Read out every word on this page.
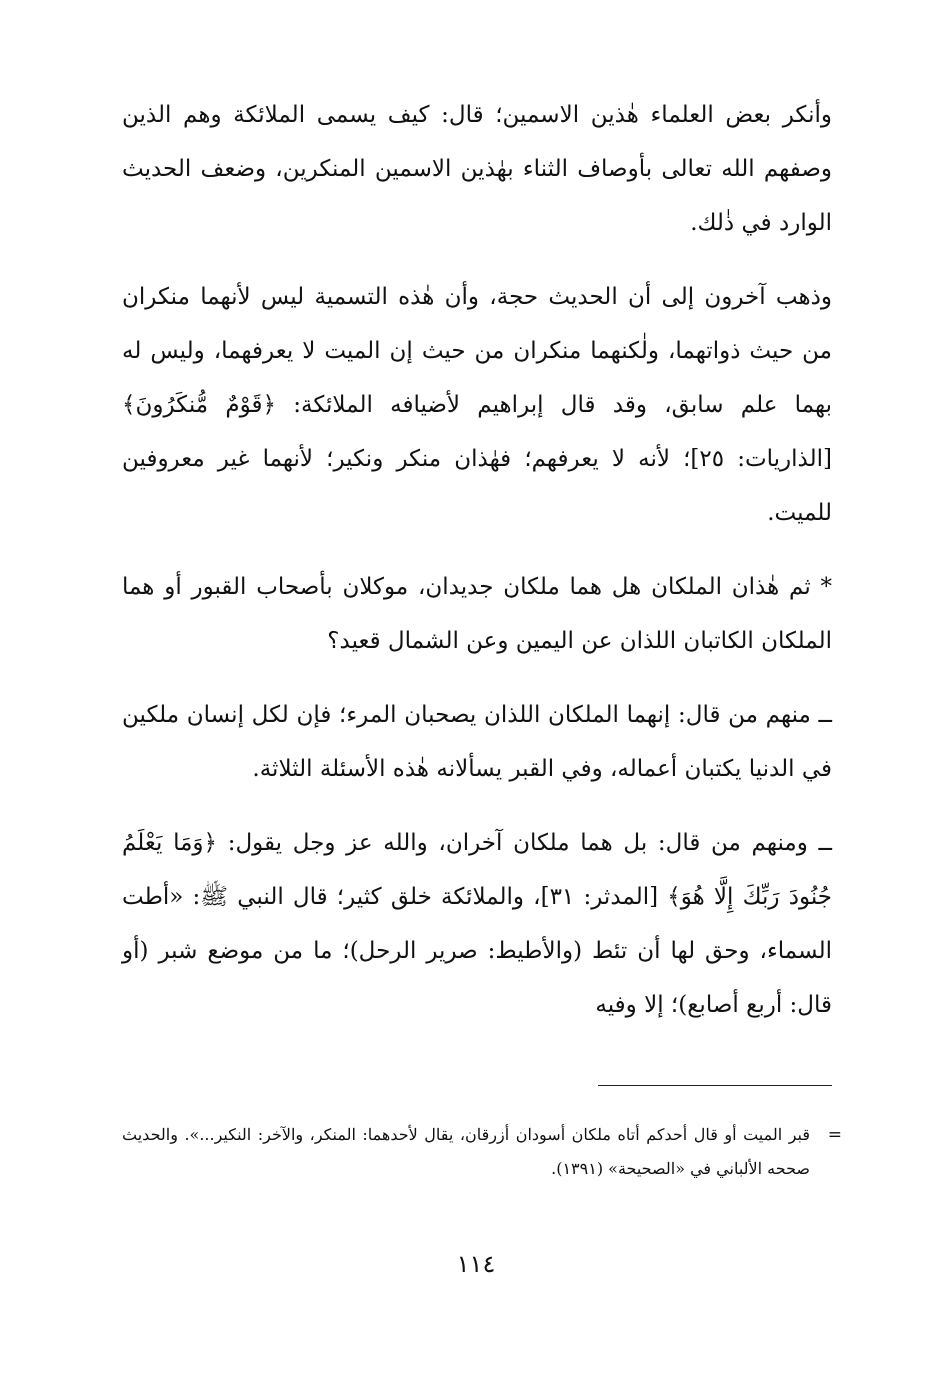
وأنكر بعض العلماء هٰذين الاسمين؛ قال: كيف يسمى الملائكة وهم الذين وصفهم الله تعالى بأوصاف الثناء بهٰذين الاسمين المنكرين، وضعف الحديث الوارد في ذٰلك.

وذهب آخرون إلى أن الحديث حجة، وأن هٰذه التسمية ليس لأنهما منكران من حيث ذواتهما، ولٰكنهما منكران من حيث إن الميت لا يعرفهما، وليس له بهما علم سابق، وقد قال إبراهيم لأضيافه الملائكة: ﴿قَوْمٌ مُّنكَرُونَ﴾ [الذاريات: ٢٥]؛ لأنه لا يعرفهم؛ فهٰذان منكر ونكير؛ لأنهما غير معروفين للميت.

* ثم هٰذان الملكان هل هما ملكان جديدان، موكلان بأصحاب القبور أو هما الملكان الكاتبان اللذان عن اليمين وعن الشمال قعيد؟

ــ منهم من قال: إنهما الملكان اللذان يصحبان المرء؛ فإن لكل إنسان ملكين في الدنيا يكتبان أعماله، وفي القبر يسألانه هٰذه الأسئلة الثلاثة.

ــ ومنهم من قال: بل هما ملكان آخران، والله عز وجل يقول: ﴿وَمَا يَعْلَمُ جُنُودَ رَبِّكَ إِلَّا هُوَ﴾ [المدثر: ٣١]، والملائكة خلق كثير؛ قال النبي ﷺ: «أطت السماء، وحق لها أن تئط (والأطيط: صرير الرحل)؛ ما من موضع شبر (أو قال: أربع أصابع)؛ إلا وفيه

=

قبر الميت أو قال أحدكم أتاه ملكان أسودان أزرقان، يقال لأحدهما: المنكر، والآخر: النكير...». والحديث صححه الألباني في «الصحيحة» (١٣٩١).

١١٤
